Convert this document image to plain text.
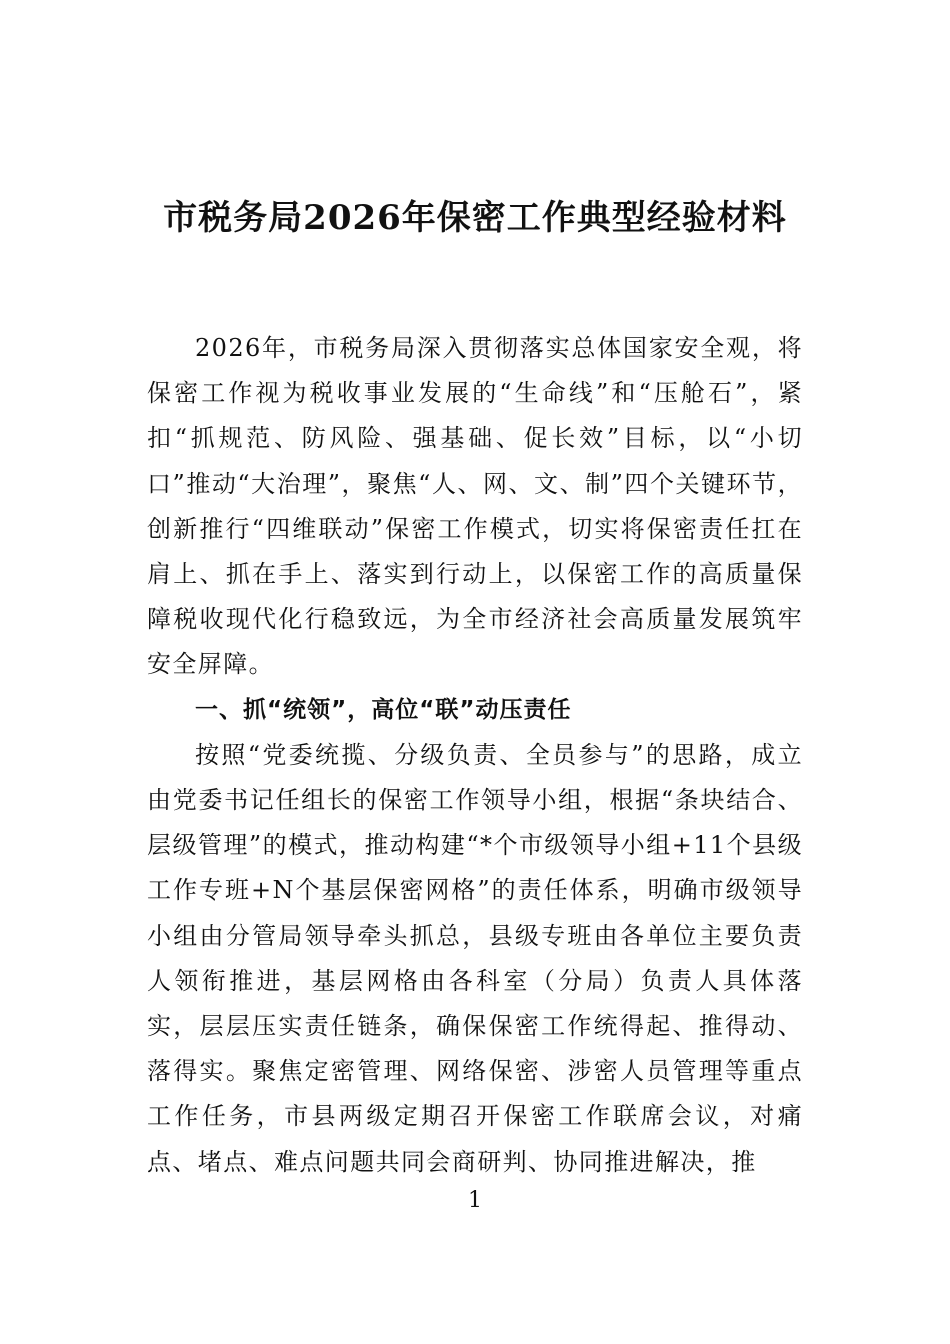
市税务局2026年保密工作典型经验材料

2026年，市税务局深入贯彻落实总体国家安全观，将保密工作视为税收事业发展的“生命线”和“压舱石”，紧扣“抓规范、防风险、强基础、促长效”目标，以“小切口”推动“大治理”，聚焦“人、网、文、制”四个关键环节，创新推行“四维联动”保密工作模式，切实将保密责任扛在肩上、抓在手上、落实到行动上，以保密工作的高质量保障税收现代化行稳致远，为全市经济社会高质量发展筑牢安全屏障。

一、抓“统领”，高位“联”动压责任

按照“党委统揽、分级负责、全员参与”的思路，成立由党委书记任组长的保密工作领导小组，根据“条块结合、层级管理”的模式，推动构建“*个市级领导小组+11个县级工作专班+N个基层保密网格”的责任体系，明确市级领导小组由分管局领导牵头抓总，县级专班由各单位主要负责人领衔推进，基层网格由各科室（分局）负责人具体落实，层层压实责任链条，确保保密工作统得起、推得动、落得实。聚焦定密管理、网络保密、涉密人员管理等重点工作任务，市县两级定期召开保密工作联席会议，对痛点、堵点、难点问题共同会商研判、协同推进解决，推

1
